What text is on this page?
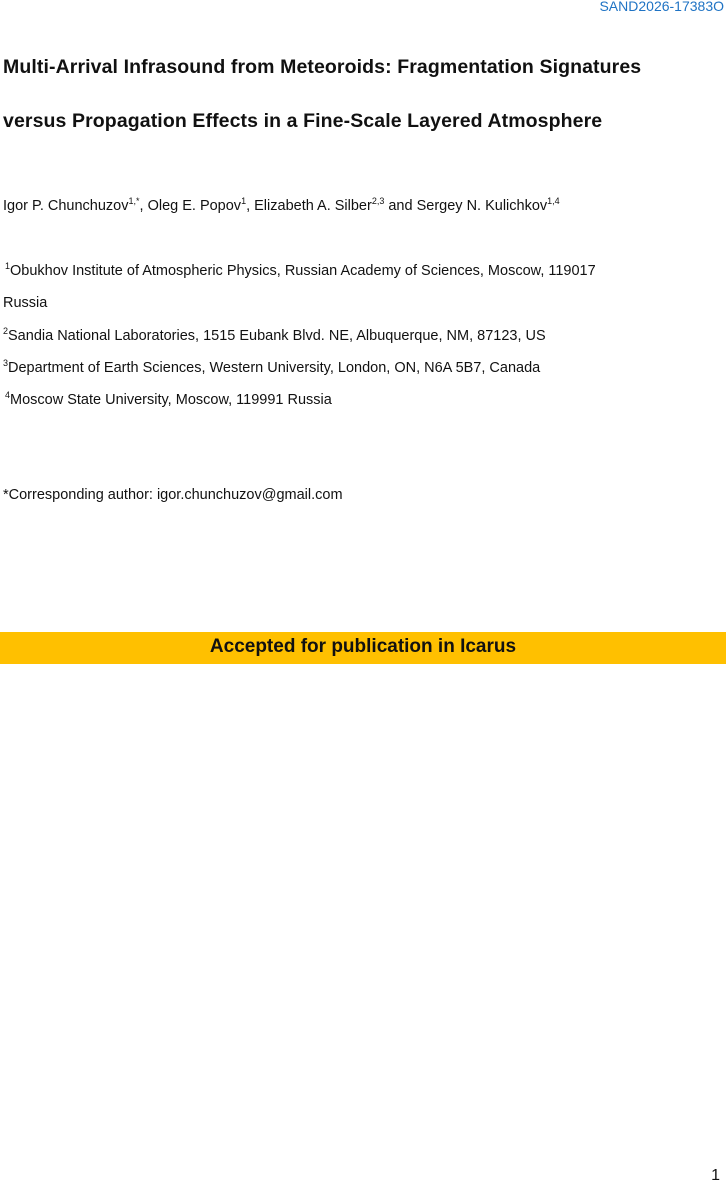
SAND2026-17383O
Multi-Arrival Infrasound from Meteoroids: Fragmentation Signatures
versus Propagation Effects in a Fine-Scale Layered Atmosphere
Igor P. Chunchuzov$^{1,*}$, Oleg E. Popov$^1$, Elizabeth A. Silber$^{2,3}$ and Sergey N. Kulichkov$^{1,4}$
$^1$Obukhov Institute of Atmospheric Physics, Russian Academy of Sciences, Moscow, 119017
Russia
$^2$Sandia National Laboratories, 1515 Eubank Blvd. NE, Albuquerque, NM, 87123, US
$^3$Department of Earth Sciences, Western University, London, ON, N6A 5B7, Canada
$^4$Moscow State University, Moscow, 119991 Russia
*Corresponding author: igor.chunchuzov@gmail.com
Accepted for publication in Icarus
1
